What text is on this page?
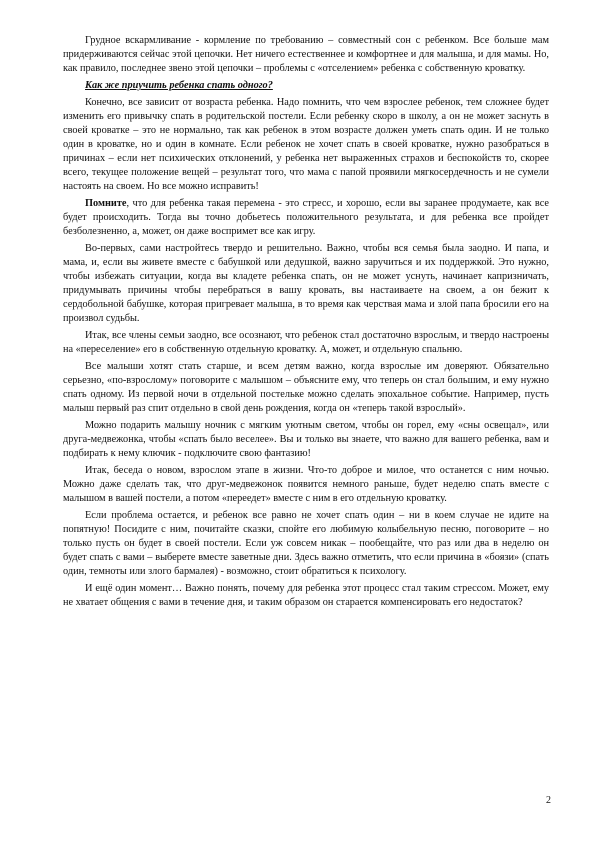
Грудное вскармливание - кормление по требованию – совместный сон с ребенком. Все больше мам придерживаются сейчас этой цепочки. Нет ничего естественнее и комфортнее и для малыша, и для мамы. Но, как правило, последнее звено этой цепочки – проблемы с «отселением» ребенка с собственную кроватку.

Как же приучить ребенка спать одного?

Конечно, все зависит от возраста ребенка. Надо помнить, что чем взрослее ребенок, тем сложнее будет изменить его привычку спать в родительской постели. Если ребенку скоро в школу, а он не может заснуть в своей кроватке – это не нормально, так как ребенок в этом возрасте должен уметь спать один. И не только один в кроватке, но и один в комнате. Если ребенок не хочет спать в своей кроватке, нужно разобраться в причинах – если нет психических отклонений, у ребенка нет выраженных страхов и беспокойств то, скорее всего, текущее положение вещей – результат того, что мама с папой проявили мягкосердечность и не сумели настоять на своем. Но все можно исправить!

Помните, что для ребенка такая перемена - это стресс, и хорошо, если вы заранее продумаете, как все будет происходить. Тогда вы точно добьетесь положительного результата, и для ребенка все пройдет безболезненно, а, может, он даже воспримет все как игру.

Во-первых, сами настройтесь твердо и решительно. Важно, чтобы вся семья была заодно. И папа, и мама, и, если вы живете вместе с бабушкой или дедушкой, важно заручиться и их поддержкой. Это нужно, чтобы избежать ситуации, когда вы кладете ребенка спать, он не может уснуть, начинает капризничать, придумывать причины чтобы перебраться в вашу кровать, вы настаиваете на своем, а он бежит к сердобольной бабушке, которая пригревает малыша, в то время как черствая мама и злой папа бросили его на произвол судьбы.

Итак, все члены семьи заодно, все осознают, что ребенок стал достаточно взрослым, и твердо настроены на «переселение» его в собственную отдельную кроватку. А, может, и отдельную спальню.

Все малыши хотят стать старше, и всем детям важно, когда взрослые им доверяют. Обязательно серьезно, «по-взрослому» поговорите с малышом – объясните ему, что теперь он стал большим, и ему нужно спать одному. Из первой ночи в отдельной постельке можно сделать эпохальное событие. Например, пусть малыш первый раз спит отдельно в свой день рождения, когда он «теперь такой взрослый».

Можно подарить малышу ночник с мягким уютным светом, чтобы он горел, ему «сны освещал», или друга-медвежонка, чтобы «спать было веселее». Вы и только вы знаете, что важно для вашего ребенка, вам и подбирать к нему ключик - подключите свою фантазию!

Итак, беседа о новом, взрослом этапе в жизни. Что-то доброе и милое, что останется с ним ночью. Можно даже сделать так, что друг-медвежонок появится немного раньше, будет неделю спать вместе с малышом в вашей постели, а потом «переедет» вместе с ним в его отдельную кроватку.

Если проблема остается, и ребенок все равно не хочет спать один – ни в коем случае не идите на попятную! Посидите с ним, почитайте сказки, спойте его любимую колыбельную песню, поговорите – но только пусть он будет в своей постели. Если уж совсем никак – пообещайте, что раз или два в неделю он будет спать с вами – выберете вместе заветные дни. Здесь важно отметить, что если причина в «боязи» (спать один, темноты или злого бармалея) - возможно, стоит обратиться к психологу.

И ещё один момент… Важно понять, почему для ребенка этот процесс стал таким стрессом. Может, ему не хватает общения с вами в течение дня, и таким образом он старается компенсировать его недостаток?

2
